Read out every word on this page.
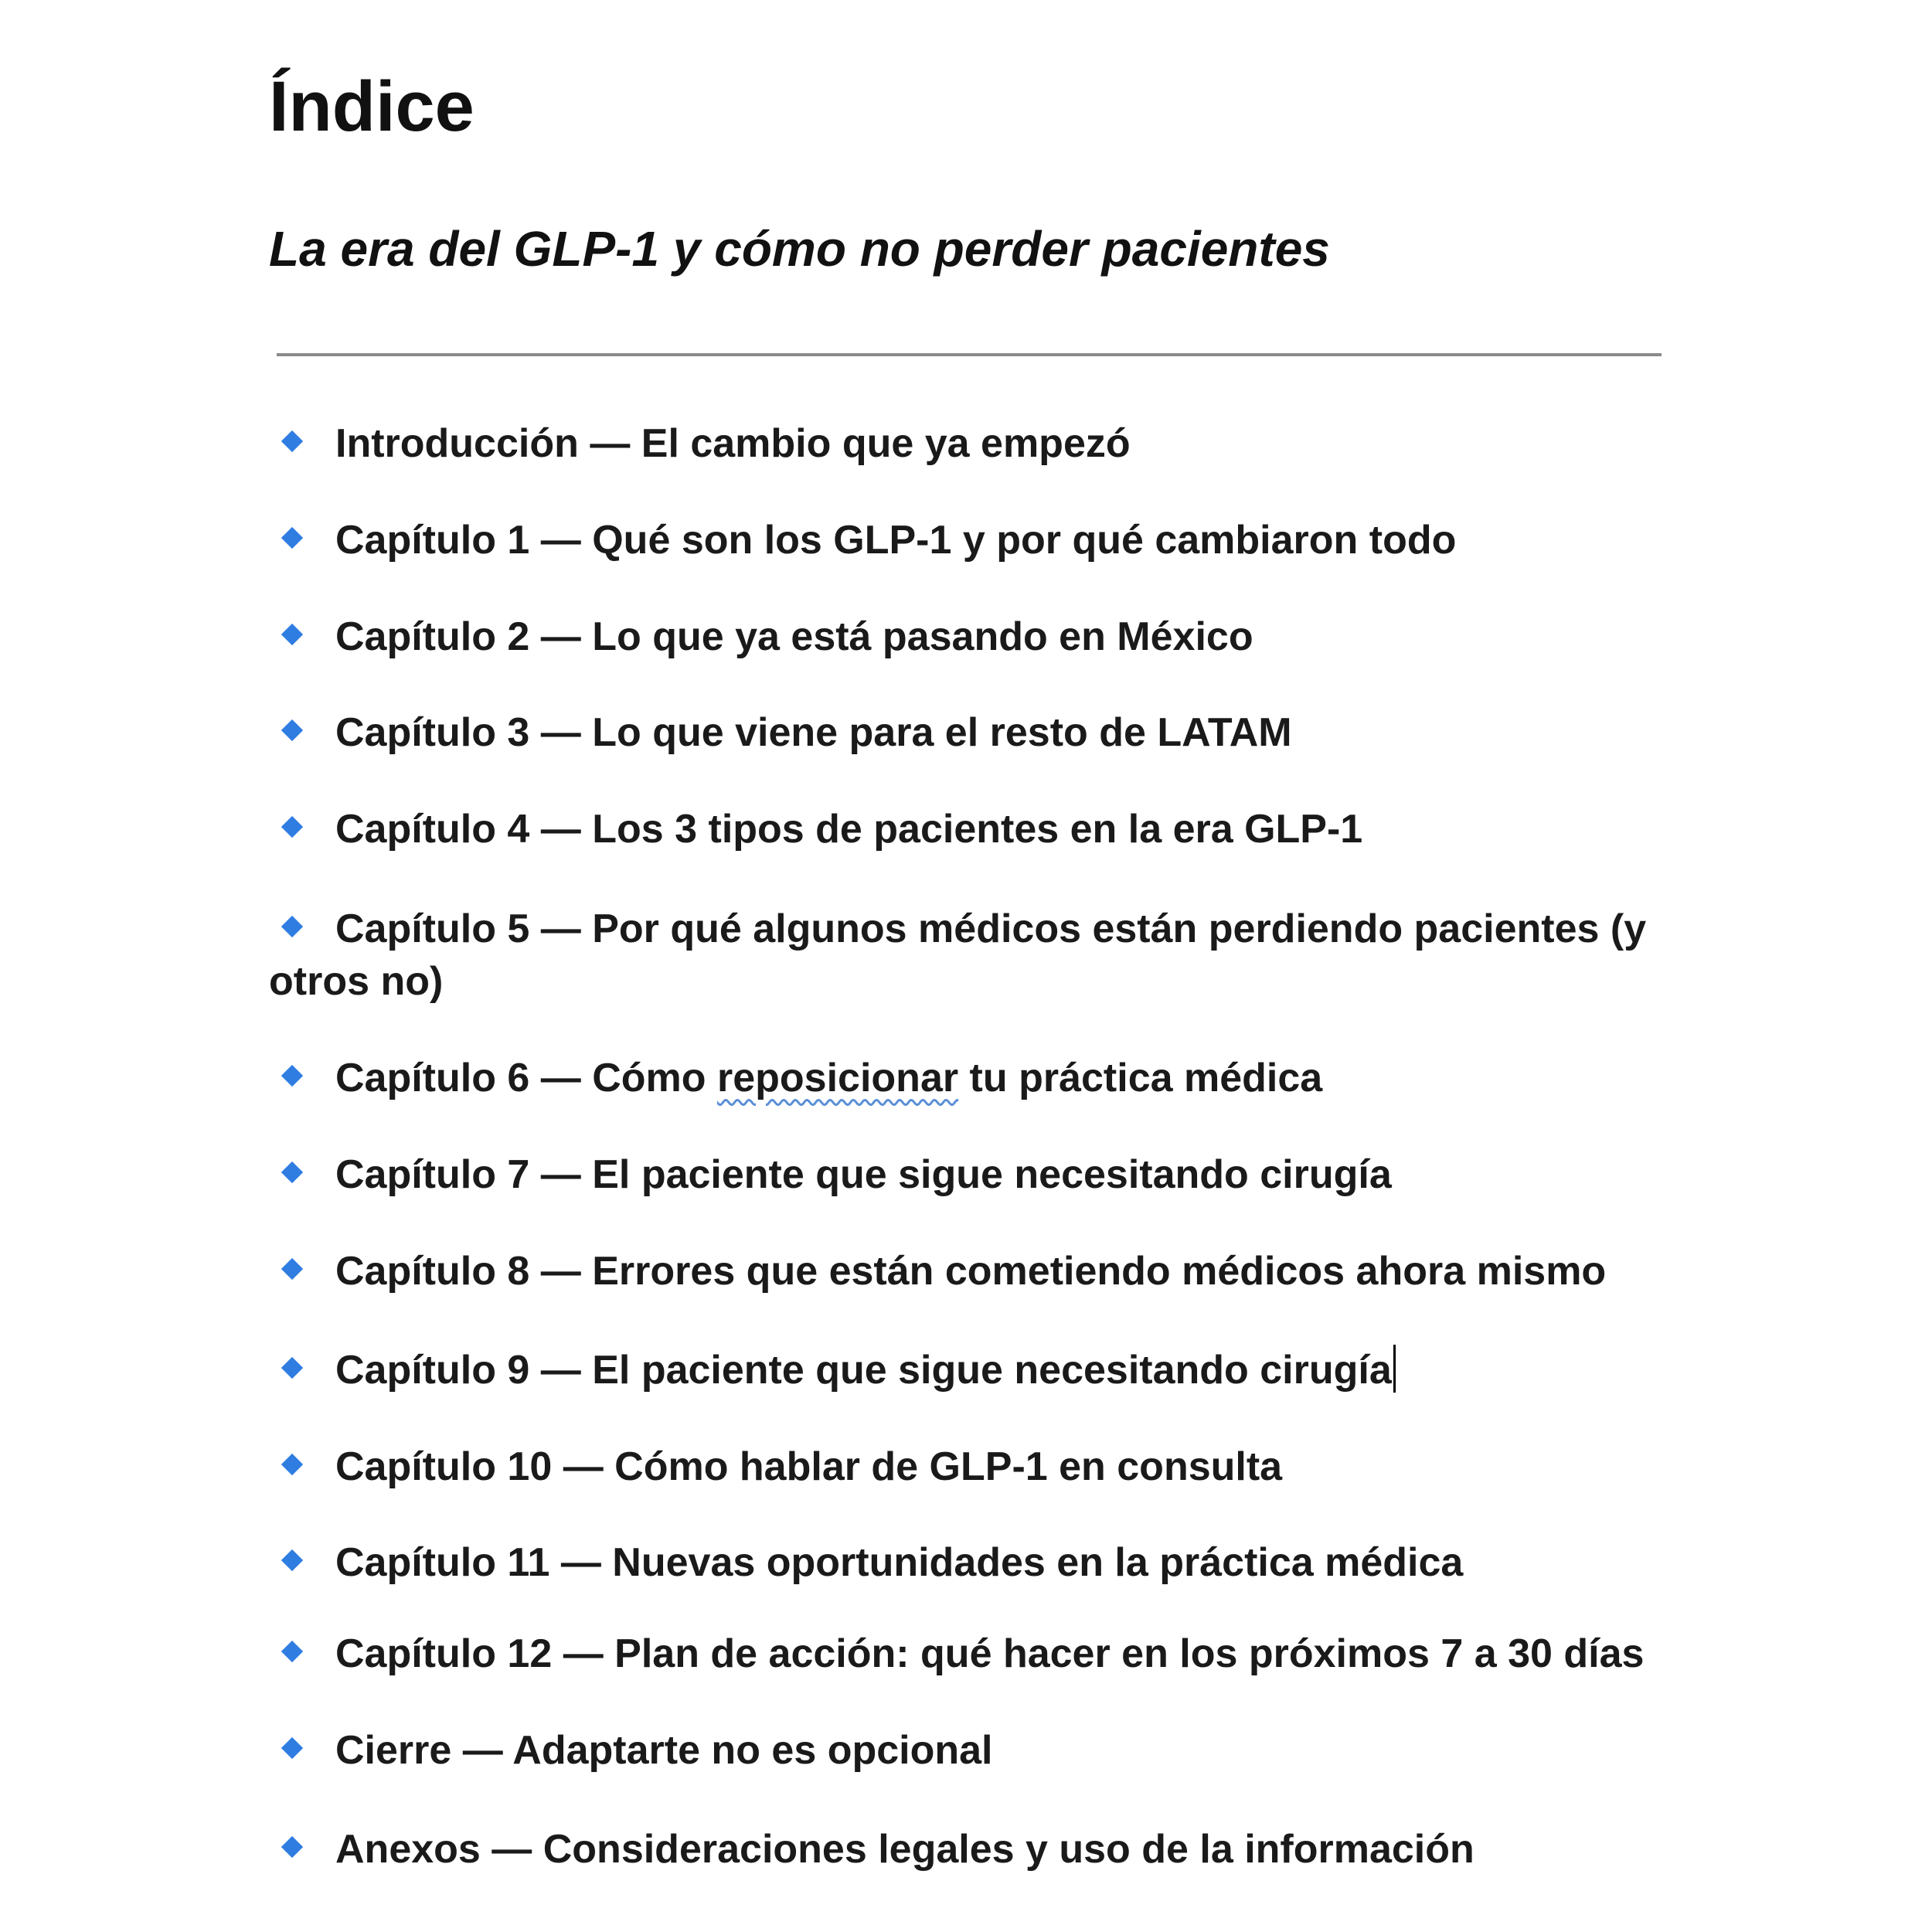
Índice
La era del GLP-1 y cómo no perder pacientes
Introducción — El cambio que ya empezó
Capítulo 1 — Qué son los GLP-1 y por qué cambiaron todo
Capítulo 2 — Lo que ya está pasando en México
Capítulo 3 — Lo que viene para el resto de LATAM
Capítulo 4 — Los 3 tipos de pacientes en la era GLP-1
Capítulo 5 — Por qué algunos médicos están perdiendo pacientes (y otros no)
Capítulo 6 — Cómo reposicionar tu práctica médica
Capítulo 7 — El paciente que sigue necesitando cirugía
Capítulo 8 — Errores que están cometiendo médicos ahora mismo
Capítulo 9 — El paciente que sigue necesitando cirugía
Capítulo 10 — Cómo hablar de GLP-1 en consulta
Capítulo 11 — Nuevas oportunidades en la práctica médica
Capítulo 12 — Plan de acción: qué hacer en los próximos 7 a 30 días
Cierre — Adaptarte no es opcional
Anexos — Consideraciones legales y uso de la información
